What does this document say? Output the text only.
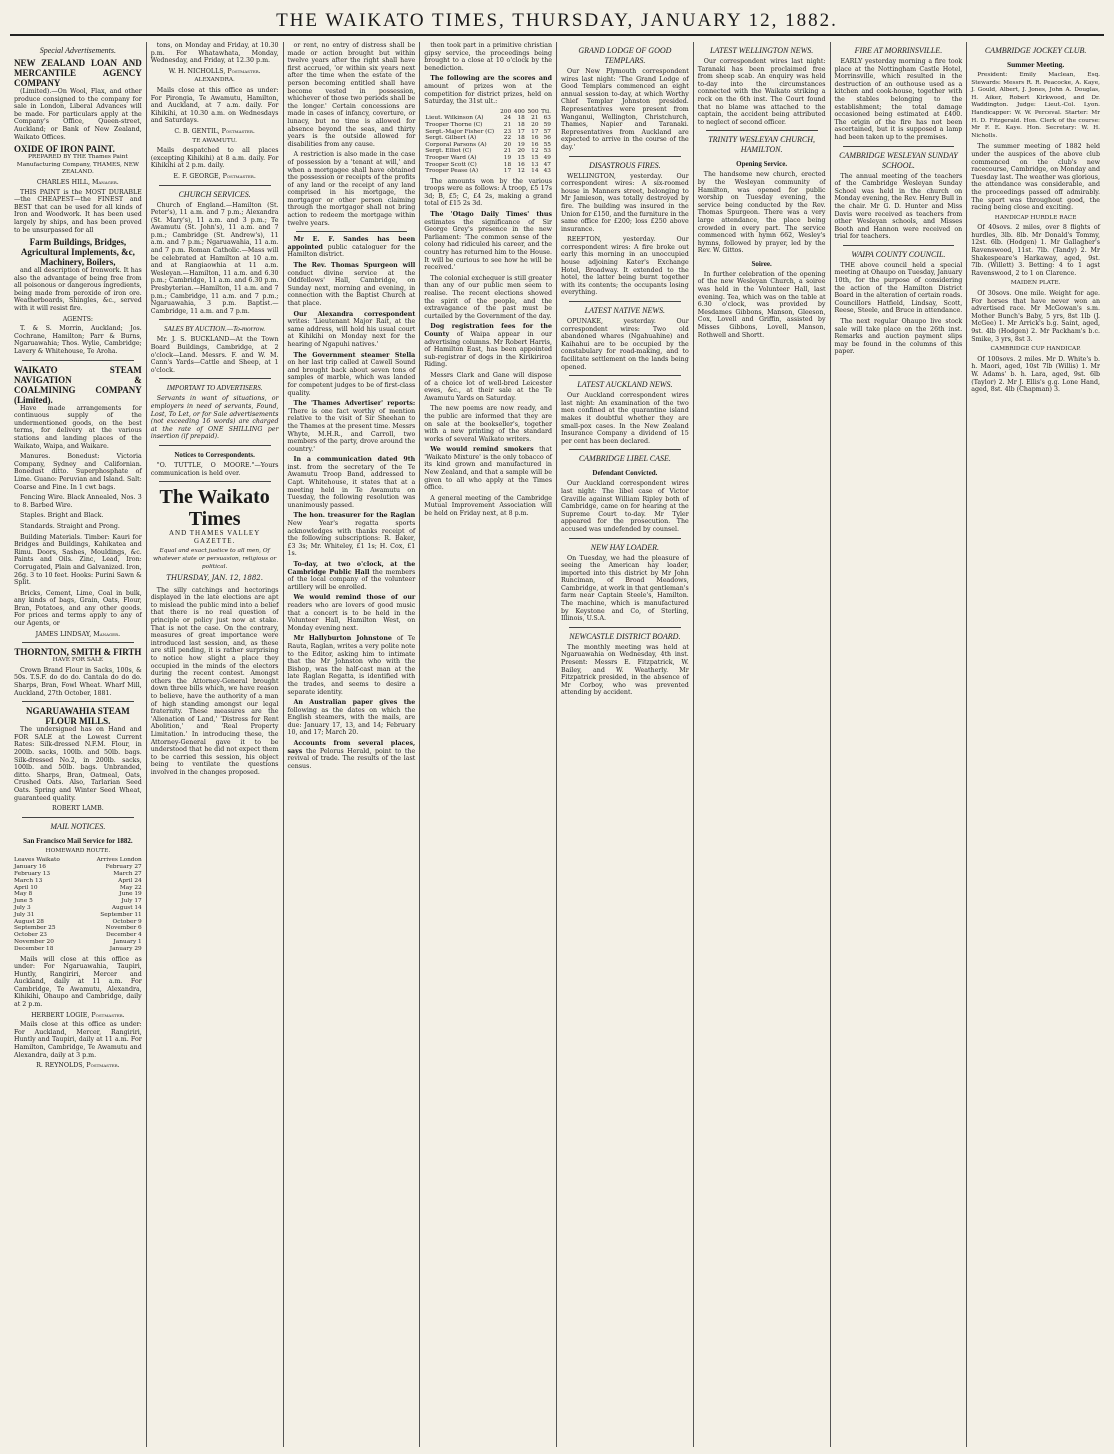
THE WAIKATO TIMES, THURSDAY, JANUARY 12, 1882.
Special Advertisements.
NEW ZEALAND LOAN AND MERCANTILE AGENCY COMPANY
(Limited).—On Wool, Flax, and other produce consigned to the company for sale in London, Liberal Advances will be made. For particulars apply at the Company's Office, Queen-street, Auckland; or Bank of New Zealand, Waikato Offices.
OXIDE OF IRON PAINT.
PREPARED BY THE Thames Paint Manufacturing Company, THAMES, NEW ZEALAND.
CHARLES HILL, Manager.
THIS PAINT is the MOST DURABLE—the CHEAPEST—the FINEST and BEST that can be used for all kinds of Iron and Woodwork. It has been used largely by ships, and has been proved to be unsurpassed for all
Farm Buildings, Bridges, Agricultural Implements, &c, Machinery, Boilers,
and all description of Ironwork. It has also the advantage of being free from all poisonous or dangerous ingredients, being made from peroxide of iron ore. Weatherboards, Shingles, &c., served with it will resist fire.
AGENTS:
T. & S. Morrin, Auckland; Jos. Cochrane, Hamilton; Parr & Burns, Ngaruawahia; Thos. Wylie, Cambridge; Lavery & Whitehouse, Te Aroha.
WAIKATO STEAM NAVIGATION & COALMINING COMPANY (Limited).
Have made arrangements for continuous supply of the undermentioned goods, on the best terms, for delivery at the various stations and landing places of the Waikato, Waipa, and Waikare.
Manures. Bonedust: Victoria Company, Sydney and Californian. Bonedust ditto. Superphosphate of Lime. Guano: Peruvian and Island. Salt: Coarse and Fine. In 1 cwt bags.
Fencing Wire. Black Annealed, Nos. 3 to 8. Barbed Wire.
Staples. Bright and Black.
Standards. Straight and Prong.
Building Materials. Timber: Kauri for Bridges and Buildings, Kahikatea and Rimu. Doors, Sashes, Mouldings, &c. Paints and Oils. Zinc, Lead, Iron: Corrugated, Plain and Galvanized. Iron, 26g. 3 to 10 feet. Hooks: Purini Sawn & Split.
Bricks, Cement, Lime, Coal in bulk, any kinds of bags, Grain, Oats, Flour, Bran, Potatoes, and any other goods. For prices and terms apply to any of our Agents, or
JAMES LINDSAY, Manager.
THORNTON, SMITH & FIRTH
HAVE FOR SALE
Crown Brand Flour in Sacks, 100s, & 50s. T.S.F. do do do. Cantala do do do. Sharps, Bran, Fowl Wheat. Wharf Mill, Auckland, 27th October, 1881.
NGARUAWAHIA STEAM FLOUR MILLS.
The undersigned has on Hand and FOR SALE at the Lowest Current Rates: Silk-dressed N.F.M. Flour, in 200lb. sacks, 100lb. and 50lb. bags. Silk-dressed No.2, in 200lb. sacks, 100lb. and 50lb. bags. Unbranded, ditto. Sharps, Bran, Oatmeal, Oats, Crushed Oats. Also, Tarlarian Seed Oats. Spring and Winter Seed Wheat, guaranteed quality.
ROBERT LAMB.
MAIL NOTICES.
San Francisco Mail Service for 1882.
HOMEWARD ROUTE.
Leaves Waikato	Arrives London
January 16	February 27
February 13	March 27
March 13	April 24
April 10	May 22
May 8	June 19
June 5	July 17
July 3	August 14
July 31	September 11
August 28	October 9
September 25	November 6
October 23	December 4
November 20	January 1
December 18	January 29
Mails will close at this office as under: For Ngaruawahia, Taupiri, Huntly, Rangiriri, Mercer and Auckland, daily at 11 a.m. For Cambridge, Te Awamutu, Alexandra, Kihikihi, Ohaupo and Cambridge, daily at 2 p.m.
HERBERT LOGIE, Postmaster.
Mails close at this office as under: For Auckland, Mercer, Rangiriri, Huntly and Taupiri, daily at 11 a.m. For Hamilton, Cambridge, Te Awamutu and Alexandra, daily at 3 p.m.
R. REYNOLDS, Postmaster.
tons, on Monday and Friday, at 10.30 p.m. For Whatawhata, Monday, Wednesday, and Friday, at 12.30 p.m.
W. H. NICHOLLS, Postmaster.
ALEXANDRA.
Mails close at this office as under: For Pirongia, Te Awamutu, Hamilton, and Auckland, at 7 a.m. daily. For Kihikihi, at 10.30 a.m. on Wednesdays and Saturdays.
C. B. GENTIL, Postmaster.
TE AWAMUTU.
Mails despatched to all places (excepting Kihikihi) at 8 a.m. daily. For Kihikihi at 2 p.m. daily.
E. F. GEORGE, Postmaster.
CHURCH SERVICES.
Church of England.—Hamilton (St. Peter's), 11 a.m. and 7 p.m.; Alexandra (St. Mary's), 11 a.m. and 3 p.m.; Te Awamutu (St. John's), 11 a.m. and 7 p.m.; Cambridge (St. Andrew's), 11 a.m. and 7 p.m.; Ngaruawahia, 11 a.m. and 7 p.m. Roman Catholic.—Mass will be celebrated at Hamilton at 10 a.m. and at Rangiaowhia at 11 a.m. Wesleyan.—Hamilton, 11 a.m. and 6.30 p.m.; Cambridge, 11 a.m. and 6.30 p.m. Presbyterian.—Hamilton, 11 a.m. and 7 p.m.; Cambridge, 11 a.m. and 7 p.m.; Ngaruawahia, 3 p.m. Baptist.—Cambridge, 11 a.m. and 7 p.m.
SALES BY AUCTION.—To-morrow.
Mr. J. S. BUCKLAND—At the Town Board Buildings, Cambridge, at 2 o'clock—Land. Messrs. F. and W. M. Cann's Yards—Cattle and Sheep, at 1 o'clock.
IMPORTANT TO ADVERTISERS.
Servants in want of situations, or employers in need of servants, Found, Lost, To Let, or for Sale advertisements (not exceeding 16 words) are charged at the rate of ONE SHILLING per insertion (if prepaid).
Notices to Correspondents.
"O. TUTTLE, O MOORE."—Yours communication is held over.
The Waikato Times
AND THAMES VALLEY GAZETTE.
Equal and exact justice to all men, Of whatever state or persuasion, religious or political.
THURSDAY, JAN. 12, 1882.
The silly catchings and hectorings displayed in the late elections are apt to mislead the public mind into a belief that there is no real question of principle or policy just now at stake. That is not the case. On the contrary, measures of great importance were introduced last session, and, as these are still pending, it is rather surprising to notice how slight a place they occupied in the minds of the electors during the recent contest. Amongst others the Attorney-General brought down three bills which, we have reason to believe, have the authority of a man of high standing amongst our legal fraternity. These measures are the 'Alienation of Land,' 'Distress for Rent Abolition,' and 'Real Property Limitation.' In introducing these, the Attorney-General gave it to be understood that he did not expect them to be carried this session, his object being to ventilate the questions involved in the changes proposed.
or rent, no entry of distress shall be made or action brought but within twelve years after the right shall have first accrued, 'or within six years next after the time when the estate of the person becoming entitled shall have become vested in possession, whichever of those two periods shall be the longer.' Certain concessions are made in cases of infancy, coverture, or lunacy, but no time is allowed for absence beyond the seas, and thirty years is the outside allowed for disabilities from any cause.
A restriction is also made in the case of possession by a 'tenant at will,' and when a mortgagee shall have obtained the possession or receipts of the profits of any land or the receipt of any land comprised in his mortgage, the mortgagor or other person claiming through the mortgagor shall not bring action to redeem the mortgage within twelve years.
Mr E. F. Sandes has been appointed public cataloguer for the Hamilton district.
The Rev. Thomas Spurgeon will conduct divine service at the Oddfellows' Hall, Cambridge, on Sunday next, morning and evening, in connection with the Baptist Church at that place.
Our Alexandra correspondent writes: 'Lieutenant Major Rait, at the same address, will hold his usual court at Kihikihi on Monday next for the hearing of Ngapuhi natives.'
The Government steamer Stella on her last trip called at Cawell Sound and brought back about seven tons of samples of marble, which was landed for competent judges to be of first-class quality.
The 'Thames Advertiser' reports: 'There is one fact worthy of mention relative to the visit of Sir Sheehan to the Thames at the present time. Messrs Whyte, M.H.R., and Carroll, two members of the party, drove around the country.'
In a communication dated 9th inst. from the secretary of the Te Awamutu Troop Band, addressed to Capt. Whitehouse, it states that at a meeting held in Te Awamutu on Tuesday, the following resolution was unanimously passed.
The hon. treasurer for the Raglan New Year's regatta sports acknowledges with thanks receipt of the following subscriptions: R. Baker, £3 3s; Mr. Whiteley, £1 1s; H. Cox, £1 1s.
To-day, at two o'clock, at the Cambridge Public Hall the members of the local company of the volunteer artillery will be enrolled.
We would remind those of our readers who are lovers of good music that a concert is to be held in the Volunteer Hall, Hamilton West, on Monday evening next.
Mr Hallyburton Johnstone of Te Rauta, Raglan, writes a very polite note to the Editor, asking him to intimate that the Mr Johnston who with the Bishop, was the half-cast man at the late Raglan Regatta, is identified with the trades, and seems to desire a separate identity.
An Australian paper gives the following as the dates on which the English steamers, with the mails, are due: January 17, 13, and 14; February 10, and 17; March 20.
Accounts from several places, says the Pelorus Herald, point to the revival of trade. The results of the last census.
then took part in a primitive christian gipsy service, the proceedings being brought to a close at 10 o'clock by the benediction.
The following are the scores and amount of prizes won at the competition for district prizes, held on Saturday, the 31st ult.:
	200	400	500	Ttl.
Lieut. Wilkinson (A)	24	18	21	63
Trooper Thorne (C)	21	18	20	59
Sergt.-Major Fisher (C)	23	17	17	57
Sergt. Gilbert (A)	22	18	16	56
Corporal Parsons (A)	20	19	16	55
Sergt. Elliot (C)	21	20	12	53
Trooper Ward (A)	19	15	15	49
Trooper Scott (C)	18	16	13	47
Trooper Pease (A)	17	12	14	43
The amounts won by the various troops were as follows: A troop, £5 17s 3d; B, £5; C, £4 2s, making a grand total of £15 2s 3d.
The 'Otago Daily Times' thus estimates the significance of Sir George Grey's presence in the new Parliament: 'The common sense of the colony had ridiculed his career, and the country has returned him to the House. It will be curious to see how he will be received.'
The colonial exchequer is still greater than any of our public men seem to realise. The recent elections showed the spirit of the people, and the extravagance of the past must be curtailed by the Government of the day.
Dog registration fees for the County of Waipa appear in our advertising columns. Mr Robert Harris, of Hamilton East, has been appointed sub-registrar of dogs in the Kirikiriroa Riding.
Messrs Clark and Gane will dispose of a choice lot of well-bred Leicester ewes, &c., at their sale at the Te Awamutu Yards on Saturday.
The new poems are now ready, and the public are informed that they are on sale at the bookseller's, together with a new printing of the standard works of several Waikato writers.
We would remind smokers that 'Waikato Mixture' is the only tobacco of its kind grown and manufactured in New Zealand, and that a sample will be given to all who apply at the Times office.
A general meeting of the Cambridge Mutual Improvement Association will be held on Friday next, at 8 p.m.
GRAND LODGE OF GOOD TEMPLARS.
Our New Plymouth correspondent wires last night: 'The Grand Lodge of Good Templars commenced an eight annual session to-day, at which Worthy Chief Templar Johnston presided. Representatives were present from Wanganui, Wellington, Christchurch, Thames, Napier and Taranaki. Representatives from Auckland are expected to arrive in the course of the day.'
DISASTROUS FIRES.
WELLINGTON, yesterday. Our correspondent wires: A six-roomed house in Manners street, belonging to Mr Jamieson, was totally destroyed by fire. The building was insured in the Union for £150, and the furniture in the same office for £200; loss £250 above insurance.
REEFTON, yesterday. Our correspondent wires: A fire broke out early this morning in an unoccupied house adjoining Kater's Exchange Hotel, Broadway. It extended to the hotel, the latter being burnt together with its contents; the occupants losing everything.
LATEST NATIVE NEWS.
OPUNAKE, yesterday. Our correspondent wires: Two old abandoned whares (Ngahuahine) and Kaihahui are to be occupied by the constabulary for road-making, and to facilitate settlement on the lands being opened.
LATEST AUCKLAND NEWS.
Our Auckland correspondent wires last night: An examination of the two men confined at the quarantine island makes it doubtful whether they are small-pox cases. In the New Zealand Insurance Company a dividend of 15 per cent has been declared.
CAMBRIDGE LIBEL CASE.
Defendant Convicted.
Our Auckland correspondent wires last night: The libel case of Victor Graville against William Ripley both of Cambridge, came on for hearing at the Supreme Court to-day. Mr Tyler appeared for the prosecution. The accused was undefended by counsel.
NEW HAY LOADER.
On Tuesday, we had the pleasure of seeing the American hay loader, imported into this district by Mr John Runciman, of Broad Meadows, Cambridge, at work in that gentleman's farm near Captain Steele's, Hamilton. The machine, which is manufactured by Keystone and Co, of Sterling, Illinois, U.S.A.
NEWCASTLE DISTRICT BOARD.
The monthly meeting was held at Ngaruawahia on Wednesday, 4th inst. Present: Messrs E. Fitzpatrick, W. Bailey, and W. Weatherly. Mr Fitzpatrick presided, in the absence of Mr Corboy, who was prevented attending by accident.
LATEST WELLINGTON NEWS.
Our correspondent wires last night: Taranaki has been proclaimed free from sheep scab. An enquiry was held to-day into the circumstances connected with the Waikato striking a rock on the 6th inst. The Court found that no blame was attached to the captain, the accident being attributed to neglect of second officer.
TRINITY WESLEYAN CHURCH, HAMILTON.
Opening Service.
The handsome new church, erected by the Wesleyan community of Hamilton, was opened for public worship on Tuesday evening, the service being conducted by the Rev. Thomas Spurgeon. There was a very large attendance, the place being crowded in every part. The service commenced with hymn 662, Wesley's hymns, followed by prayer, led by the Rev. W. Gittos.
Soiree.
In further celebration of the opening of the new Wesleyan Church, a soiree was held in the Volunteer Hall, last evening. Tea, which was on the table at 6.30 o'clock, was provided by Mesdames Gibbons, Manson, Gleeson, Cox, Lovell and Griffin, assisted by Misses Gibbons, Lovell, Manson, Rothwell and Shortt.
FIRE AT MORRINSVILLE.
EARLY yesterday morning a fire took place at the Nottingham Castle Hotel, Morrinsville, which resulted in the destruction of an outhouse used as a kitchen and cook-house, together with the stables belonging to the establishment; the total damage occasioned being estimated at £400. The origin of the fire has not been ascertained, but it is supposed a lamp had been taken up to the premises.
CAMBRIDGE WESLEYAN SUNDAY SCHOOL.
The annual meeting of the teachers of the Cambridge Wesleyan Sunday School was held in the church on Monday evening, the Rev. Henry Bull in the chair. Mr G. D. Hunter and Miss Davis were received as teachers from other Wesleyan schools, and Misses Booth and Hannon were received on trial for teachers.
WAIPA COUNTY COUNCIL.
THE above council held a special meeting at Ohaupo on Tuesday, January 10th, for the purpose of considering the action of the Hamilton District Board in the alteration of certain roads. Councillors Hatfield, Lindsay, Scott, Reese, Steele, and Bruce in attendance.
The next regular Ohaupo live stock sale will take place on the 26th inst. Remarks and auction payment slips may be found in the columns of this paper.
CAMBRIDGE JOCKEY CLUB.
Summer Meeting.
President: Emily Maclean, Esq. Stewards: Messrs R. R. Peacocke, A. Kaye, J. Gould, Albert, J. Jones, John A. Douglas, H. Aiker, Robert Kirkwood, and Dr. Waddington. Judge: Lieut.-Col. Lyon. Handicapper: W. W. Perceval. Starter: Mr H. D. Fitzgerald. Hon. Clerk of the course: Mr F. E. Kaye. Hon. Secretary: W. H. Nicholls.
The summer meeting of 1882 held under the auspices of the above club commenced on the club's new racecourse, Cambridge, on Monday and Tuesday last. The weather was glorious, the attendance was considerable, and the proceedings passed off admirably. The sport was throughout good, the racing being close and exciting.
HANDICAP HURDLE RACE
Of 40sovs. 2 miles, over 8 flights of hurdles, 3lb. 8lb. Mr Donald's Tommy, 12st. 6lb. (Hodgen) 1. Mr Gallagher's Ravenswood, 11st. 7lb. (Tandy) 2. Mr Shakespeare's Harkaway, aged, 9st. 7lb. (Willett) 3. Betting: 4 to 1 agst Ravenswood, 2 to 1 on Clarence.
MAIDEN PLATE.
Of 30sovs. One mile. Weight for age. For horses that have never won an advertised race. Mr McGowan's s.m. Mother Bunch's Baby, 5 yrs, 8st 1lb (J. McGee) 1. Mr Arrick's b.g. Saint, aged, 9st. 4lb (Hodgen) 2. Mr Packham's b.c. Smike, 3 yrs, 8st 3.
CAMBRIDGE CUP HANDICAP.
Of 100sovs. 2 miles. Mr D. White's b. h. Maori, aged, 10st 7lb (Willis) 1. Mr W. Adams' b. h. Lara, aged, 9st. 6lb (Taylor) 2. Mr J. Ellis's g.g. Lone Hand, aged, 8st. 4lb (Chapman) 3.
